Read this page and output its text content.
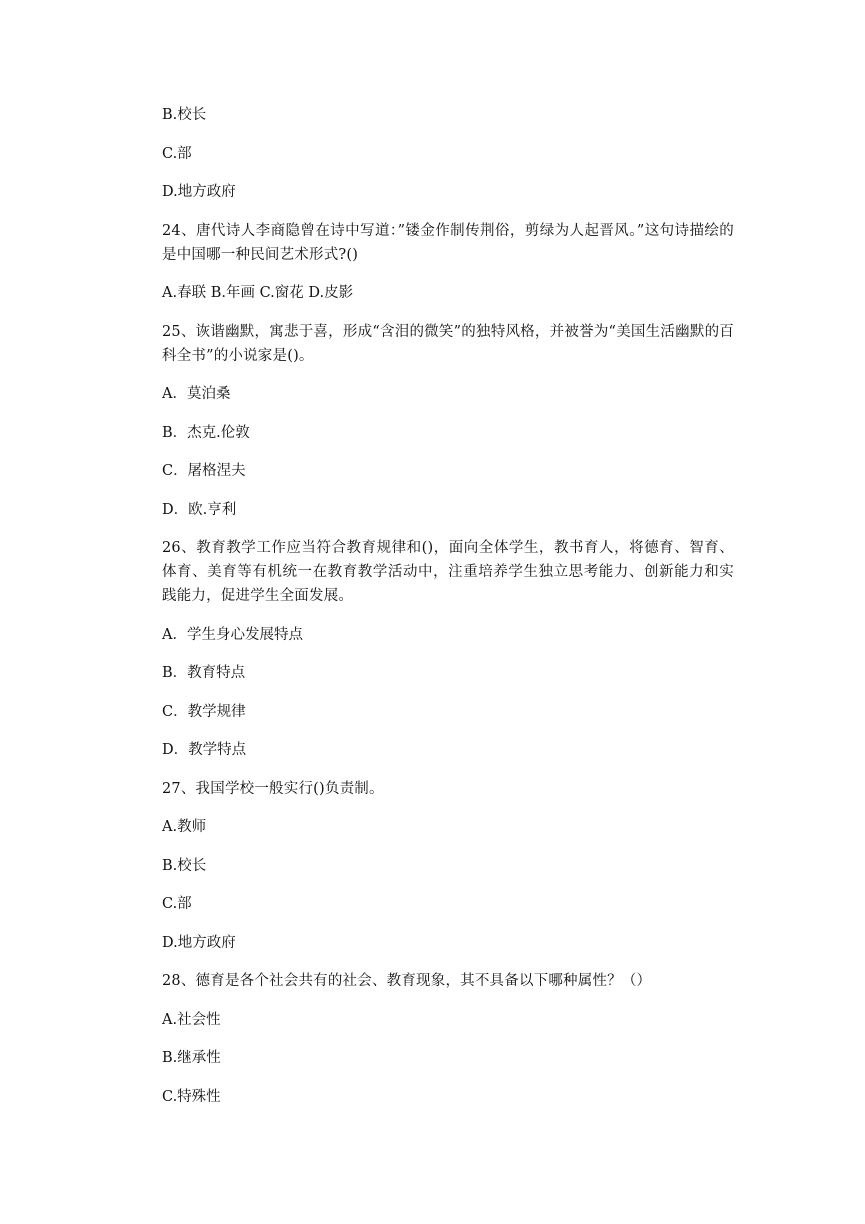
B.校长
C.部
D.地方政府
24、唐代诗人李商隐曾在诗中写道：”镂金作制传荆俗，剪绿为人起晋风。”这句诗描绘的是中国哪一种民间艺术形式?()
A.春联 B.年画 C.窗花 D.皮影
25、诙谐幽默，寓悲于喜，形成“含泪的微笑”的独特风格，并被誉为“美国生活幽默的百科全书”的小说家是()。
A．莫泊桑
B．杰克.伦敦
C．屠格涅夫
D．欧.亨利
26、教育教学工作应当符合教育规律和()，面向全体学生，教书育人，将德育、智育、体育、美育等有机统一在教育教学活动中，注重培养学生独立思考能力、创新能力和实践能力，促进学生全面发展。
A．学生身心发展特点
B．教育特点
C．教学规律
D．教学特点
27、我国学校一般实行()负责制。
A.教师
B.校长
C.部
D.地方政府
28、德育是各个社会共有的社会、教育现象，其不具备以下哪种属性？（）
A.社会性
B.继承性
C.特殊性
